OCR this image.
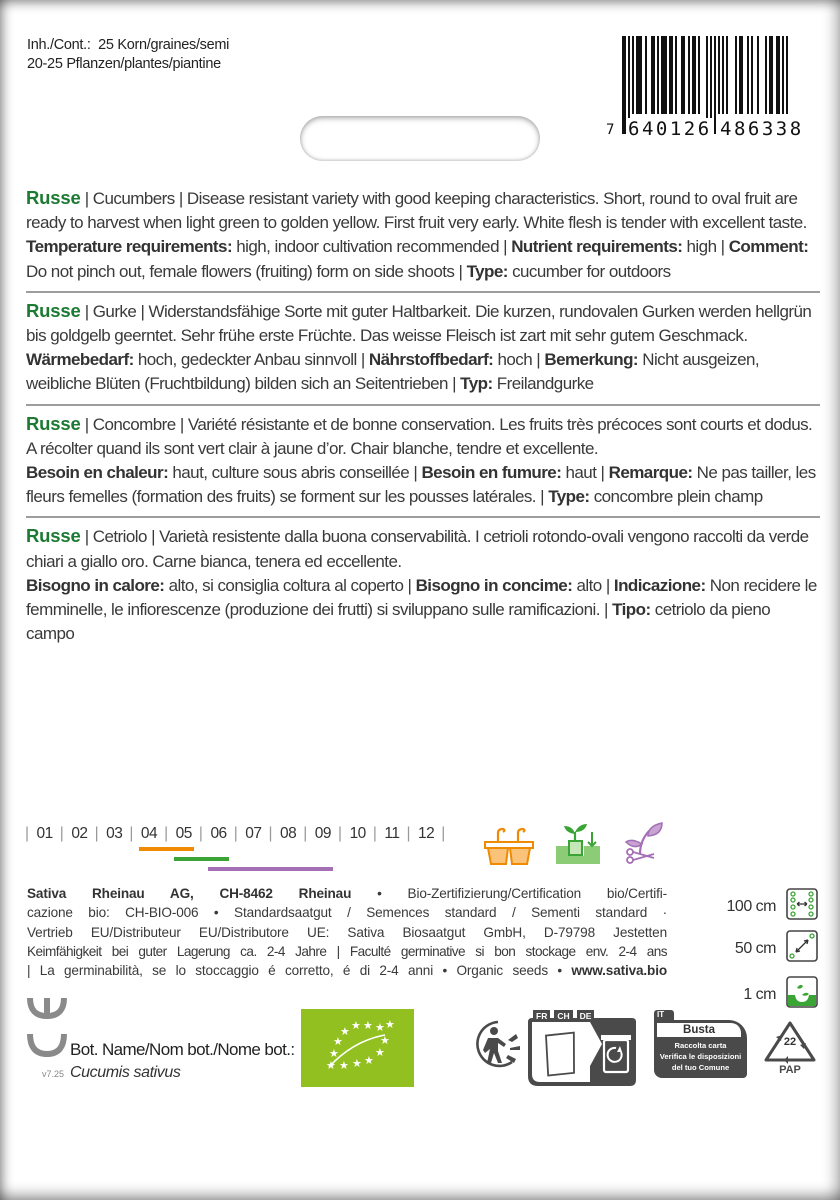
Inh./Cont.: 25 Korn/graines/semi
20-25 Pflanzen/plantes/piantine
7 640126 486338

Russe | Cucumbers | Disease resistant variety with good keeping characteristics. Short, round to oval fruit are ready to harvest when light green to golden yellow. First fruit very early. White flesh is tender with excellent taste.

Temperature requirements: high, indoor cultivation recommended | Nutrient requirements: high | Comment: Do not pinch out, female flowers (fruiting) form on side shoots | Type: cucumber for outdoors

Russe | Gurke | Widerstandsfähige Sorte mit guter Haltbarkeit. Die kurzen, rundovalen Gurken werden hellgrün bis goldgelb geerntet. Sehr frühe erste Früchte. Das weisse Fleisch ist zart mit sehr gutem Geschmack.

Wärmebedarf: hoch, gedeckter Anbau sinnvoll | Nährstoffbedarf: hoch | Bemerkung: Nicht ausgeizen, weibliche Blüten (Fruchtbildung) bilden sich an Seitentrieben | Typ: Freilandgurke

Russe | Concombre | Variété résistante et de bonne conservation. Les fruits très précoces sont courts et dodus. A récolter quand ils sont vert clair à jaune d’or. Chair blanche, tendre et excellente.

Besoin en chaleur: haut, culture sous abris conseillée | Besoin en fumure: haut | Remarque: Ne pas tailler, les fleurs femelles (formation des fruits) se forment sur les pousses latérales. | Type: concombre plein champ

Russe | Cetriolo | Varietà resistente dalla buona conservabilità. I cetrioli rotondo-ovali vengono raccolti da verde chiari a giallo oro. Carne bianca, tenera ed eccellente.

Bisogno in calore: alto, si consiglia coltura al coperto | Bisogno in concime: alto | Indicazione: Non recidere le femminelle, le infiorescenze (produzione dei frutti) si sviluppano sulle ramificazioni. | Tipo: cetriolo da pieno campo

| 01 | 02 | 03 | 04 | 05 | 06 | 07 | 08 | 09 | 10 | 11 | 12 |
Sativa Rheinau AG, CH-8462 Rheinau • Bio-Zertifizierung/Certification bio/Certifi-
cazione bio: CH-BIO-006 • Standardsaatgut / Semences standard / Sementi standard ·
Vertrieb EU/Distributeur EU/Distributore UE: Sativa Biosaatgut GmbH, D-79798 Jestetten
Keimfähigkeit bei guter Lagerung ca. 2-4 Jahre | Faculté germinative si bon stockage env. 2-4 ans
| La germinabilità, se lo stoccaggio é corretto, é di 2-4 anni • Organic seeds • www.sativa.bio
100 cm
50 cm
1 cm
Bot. Name/Nom bot./Nome bot.:
v7.25 Cucumis sativus
★ ★ ★ ★ ★
★	★
★	★
★ ★ ★ ★
FR	CH	DE	IT
Busta
Raccolta carta
Verifica le disposizioni
del tuo Comune
22
PAP
